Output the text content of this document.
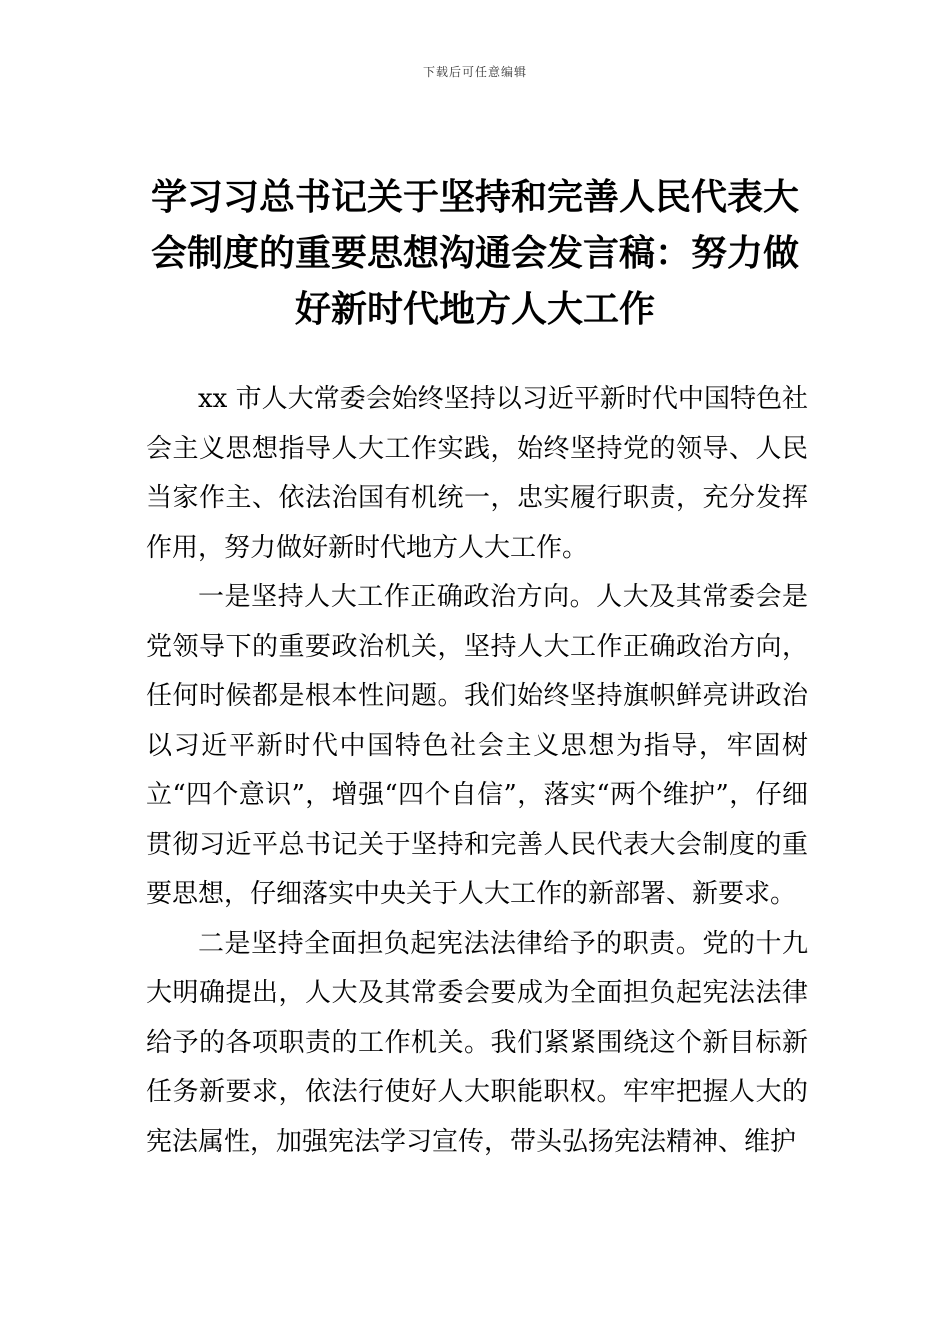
下载后可任意编辑
学习习总书记关于坚持和完善人民代表大会制度的重要思想沟通会发言稿：努力做好新时代地方人大工作

xx 市人大常委会始终坚持以习近平新时代中国特色社会主义思想指导人大工作实践，始终坚持党的领导、人民当家作主、依法治国有机统一，忠实履行职责，充分发挥作用，努力做好新时代地方人大工作。

一是坚持人大工作正确政治方向。人大及其常委会是党领导下的重要政治机关，坚持人大工作正确政治方向，任何时候都是根本性问题。我们始终坚持旗帜鲜亮讲政治以习近平新时代中国特色社会主义思想为指导，牢固树立“四个意识”，增强“四个自信”，落实“两个维护”，仔细贯彻习近平总书记关于坚持和完善人民代表大会制度的重要思想，仔细落实中央关于人大工作的新部署、新要求。

二是坚持全面担负起宪法法律给予的职责。党的十九大明确提出，人大及其常委会要成为全面担负起宪法法律给予的各项职责的工作机关。我们紧紧围绕这个新目标新任务新要求，依法行使好人大职能职权。牢牢把握人大的宪法属性，加强宪法学习宣传，带头弘扬宪法精神、维护
